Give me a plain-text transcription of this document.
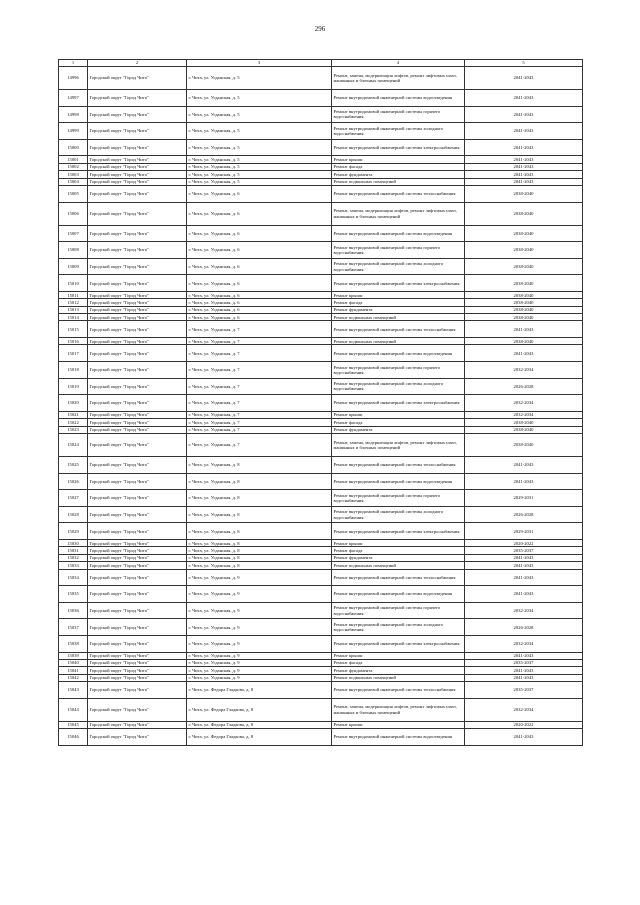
296
1	2	3	4	5
14996	Городской округ "Город Чита"	г. Чита, ул. Угданская, д. 5	Ремонт, замена, модернизация лифтов, ремонт лифтовых шахт, машинных и блочных помещений	2041-2043
14997	Городской округ "Город Чита"	г. Чита, ул. Угданская, д. 5	Ремонт внутридомовой инженерной системы водоотведения	2041-2043
14998	Городской округ "Город Чита"	г. Чита, ул. Угданская, д. 5	Ремонт внутридомовой инженерной системы горячего водоснабжения	2041-2043
14999	Городской округ "Город Чита"	г. Чита, ул. Угданская, д. 5	Ремонт внутридомовой инженерной системы холодного водоснабжения	2041-2043
15000	Городской округ "Город Чита"	г. Чита, ул. Угданская, д. 5	Ремонт внутридомовой инженерной системы электроснабжения	2041-2043
15001	Городской округ "Город Чита"	г. Чита, ул. Угданская, д. 5	Ремонт крыши	2041-2043
15002	Городской округ "Город Чита"	г. Чита, ул. Угданская, д. 5	Ремонт фасада	2041-2043
15003	Городской округ "Город Чита"	г. Чита, ул. Угданская, д. 5	Ремонт фундамента	2041-2043
15004	Городской округ "Город Чита"	г. Чита, ул. Угданская, д. 5	Ремонт подвальных помещений	2041-2043
15005	Городской округ "Город Чита"	г. Чита, ул. Угданская, д. 6	Ремонт внутридомовой инженерной системы теплоснабжения	2038-2040
15006	Городской округ "Город Чита"	г. Чита, ул. Угданская, д. 6	Ремонт, замена, модернизация лифтов, ремонт лифтовых шахт, машинных и блочных помещений	2038-2040
15007	Городской округ "Город Чита"	г. Чита, ул. Угданская, д. 6	Ремонт внутридомовой инженерной системы водоотведения	2038-2040
15008	Городской округ "Город Чита"	г. Чита, ул. Угданская, д. 6	Ремонт внутридомовой инженерной системы горячего водоснабжения	2038-2040
15009	Городской округ "Город Чита"	г. Чита, ул. Угданская, д. 6	Ремонт внутридомовой инженерной системы холодного водоснабжения	2038-2040
15010	Городской округ "Город Чита"	г. Чита, ул. Угданская, д. 6	Ремонт внутридомовой инженерной системы электроснабжения	2038-2040
15011	Городской округ "Город Чита"	г. Чита, ул. Угданская, д. 6	Ремонт крыши	2038-2040
15012	Городской округ "Город Чита"	г. Чита, ул. Угданская, д. 6	Ремонт фасада	2038-2040
15013	Городской округ "Город Чита"	г. Чита, ул. Угданская, д. 6	Ремонт фундамента	2038-2040
15014	Городской округ "Город Чита"	г. Чита, ул. Угданская, д. 6	Ремонт подвальных помещений	2038-2040
15015	Городской округ "Город Чита"	г. Чита, ул. Угданская, д. 7	Ремонт внутридомовой инженерной системы теплоснабжения	2041-2043
15016	Городской округ "Город Чита"	г. Чита, ул. Угданская, д. 7	Ремонт подвальных помещений	2038-2040
15017	Городской округ "Город Чита"	г. Чита, ул. Угданская, д. 7	Ремонт внутридомовой инженерной системы водоотведения	2041-2043
15018	Городской округ "Город Чита"	г. Чита, ул. Угданская, д. 7	Ремонт внутридомовой инженерной системы горячего водоснабжения	2032-2034
15019	Городской округ "Город Чита"	г. Чита, ул. Угданская, д. 7	Ремонт внутридомовой инженерной системы холодного водоснабжения	2026-2028
15020	Городской округ "Город Чита"	г. Чита, ул. Угданская, д. 7	Ремонт внутридомовой инженерной системы электроснабжения	2032-2034
15021	Городской округ "Город Чита"	г. Чита, ул. Угданская, д. 7	Ремонт крыши	2032-2034
15022	Городской округ "Город Чита"	г. Чита, ул. Угданская, д. 7	Ремонт фасада	2038-2040
15023	Городской округ "Город Чита"	г. Чита, ул. Угданская, д. 7	Ремонт фундамента	2038-2040
15024	Городской округ "Город Чита"	г. Чита, ул. Угданская, д. 7	Ремонт, замена, модернизация лифтов, ремонт лифтовых шахт, машинных и блочных помещений	2038-2040
15025	Городской округ "Город Чита"	г. Чита, ул. Угданская, д. 8	Ремонт внутридомовой инженерной системы теплоснабжения	2041-2043
15026	Городской округ "Город Чита"	г. Чита, ул. Угданская, д. 8	Ремонт внутридомовой инженерной системы водоотведения	2041-2043
15027	Городской округ "Город Чита"	г. Чита, ул. Угданская, д. 8	Ремонт внутридомовой инженерной системы горячего водоснабжения	2029-2031
15028	Городской округ "Город Чита"	г. Чита, ул. Угданская, д. 8	Ремонт внутридомовой инженерной системы холодного водоснабжения	2026-2028
15029	Городской округ "Город Чита"	г. Чита, ул. Угданская, д. 8	Ремонт внутридомовой инженерной системы электроснабжения	2029-2031
15030	Городской округ "Город Чита"	г. Чита, ул. Угданская, д. 8	Ремонт крыши	2020-2022
15031	Городской округ "Город Чита"	г. Чита, ул. Угданская, д. 8	Ремонт фасада	2035-2037
15032	Городской округ "Город Чита"	г. Чита, ул. Угданская, д. 8	Ремонт фундамента	2041-2043
15033	Городской округ "Город Чита"	г. Чита, ул. Угданская, д. 8	Ремонт подвальных помещений	2041-2043
15034	Городской округ "Город Чита"	г. Чита, ул. Угданская, д. 9	Ремонт внутридомовой инженерной системы теплоснабжения	2041-2043
15035	Городской округ "Город Чита"	г. Чита, ул. Угданская, д. 9	Ремонт внутридомовой инженерной системы водоотведения	2041-2043
15036	Городской округ "Город Чита"	г. Чита, ул. Угданская, д. 9	Ремонт внутридомовой инженерной системы горячего водоснабжения	2032-2034
15037	Городской округ "Город Чита"	г. Чита, ул. Угданская, д. 9	Ремонт внутридомовой инженерной системы холодного водоснабжения	2026-2028
15038	Городской округ "Город Чита"	г. Чита, ул. Угданская, д. 9	Ремонт внутридомовой инженерной системы электроснабжения	2032-2034
15039	Городской округ "Город Чита"	г. Чита, ул. Угданская, д. 9	Ремонт крыши	2041-2043
15040	Городской округ "Город Чита"	г. Чита, ул. Угданская, д. 9	Ремонт фасада	2035-2037
15041	Городской округ "Город Чита"	г. Чита, ул. Угданская, д. 9	Ремонт фундамента	2041-2043
15042	Городской округ "Город Чита"	г. Чита, ул. Угданская, д. 9	Ремонт подвальных помещений	2041-2043
15043	Городской округ "Город Чита"	г. Чита, ул. Федора Гладкова, д. 8	Ремонт внутридомовой инженерной системы теплоснабжения	2035-2037
15044	Городской округ "Город Чита"	г. Чита, ул. Федора Гладкова, д. 8	Ремонт, замена, модернизация лифтов, ремонт лифтовых шахт, машинных и блочных помещений	2032-2034
15045	Городской округ "Город Чита"	г. Чита, ул. Федора Гладкова, д. 8	Ремонт крыши	2020-2022
15046	Городской округ "Город Чита"	г. Чита, ул. Федора Гладкова, д. 8	Ремонт внутридомовой инженерной системы водоотведения	2041-2043
